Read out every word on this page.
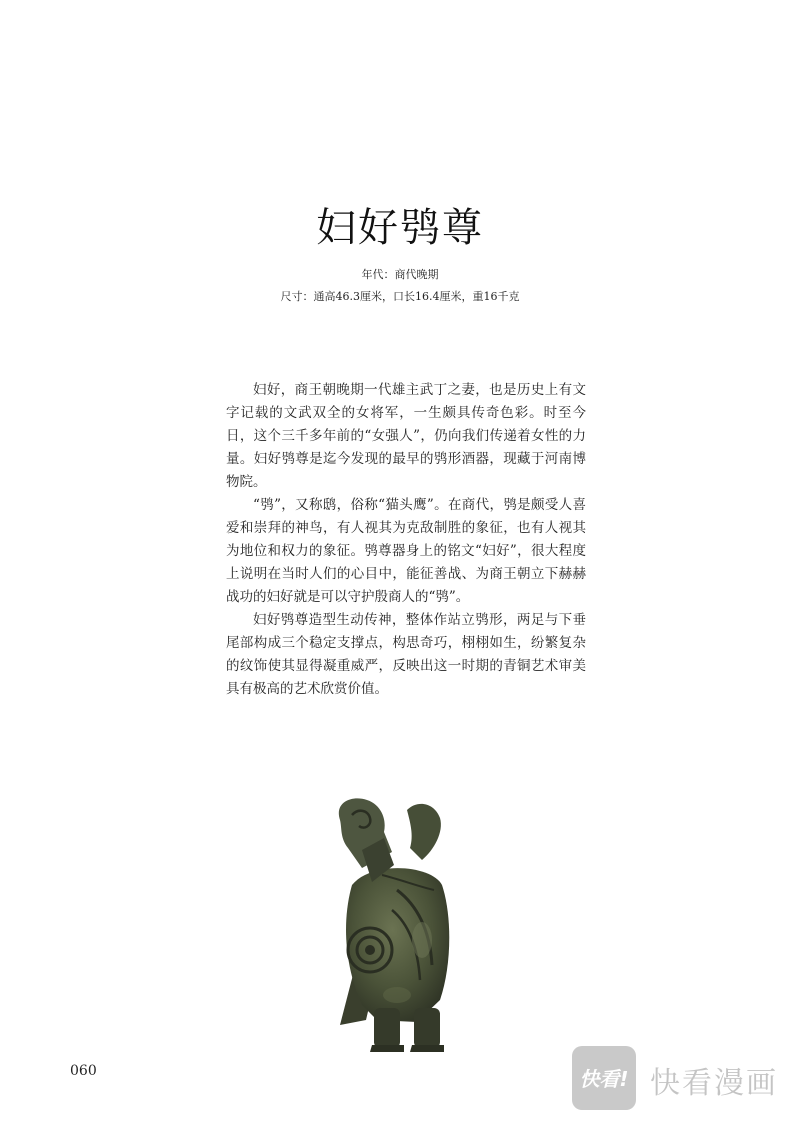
妇好鸮尊
年代：商代晚期
尺寸：通高46.3厘米，口长16.4厘米，重16千克

妇好，商王朝晚期一代雄主武丁之妻，也是历史上有文字记载的文武双全的女将军，一生颇具传奇色彩。时至今日，这个三千多年前的“女强人”，仍向我们传递着女性的力量。妇好鸮尊是迄今发现的最早的鸮形酒器，现藏于河南博物院。

“鸮”，又称鸱，俗称“猫头鹰”。在商代，鸮是颇受人喜爱和崇拜的神鸟，有人视其为克敌制胜的象征，也有人视其为地位和权力的象征。鸮尊器身上的铭文“妇好”，很大程度上说明在当时人们的心目中，能征善战、为商王朝立下赫赫战功的妇好就是可以守护殷商人的“鸮”。

妇好鸮尊造型生动传神，整体作站立鸮形，两足与下垂尾部构成三个稳定支撑点，构思奇巧，栩栩如生，纷繁复杂的纹饰使其显得凝重威严，反映出这一时期的青铜艺术审美具有极高的艺术欣赏价值。

060	快看! 快看漫画
